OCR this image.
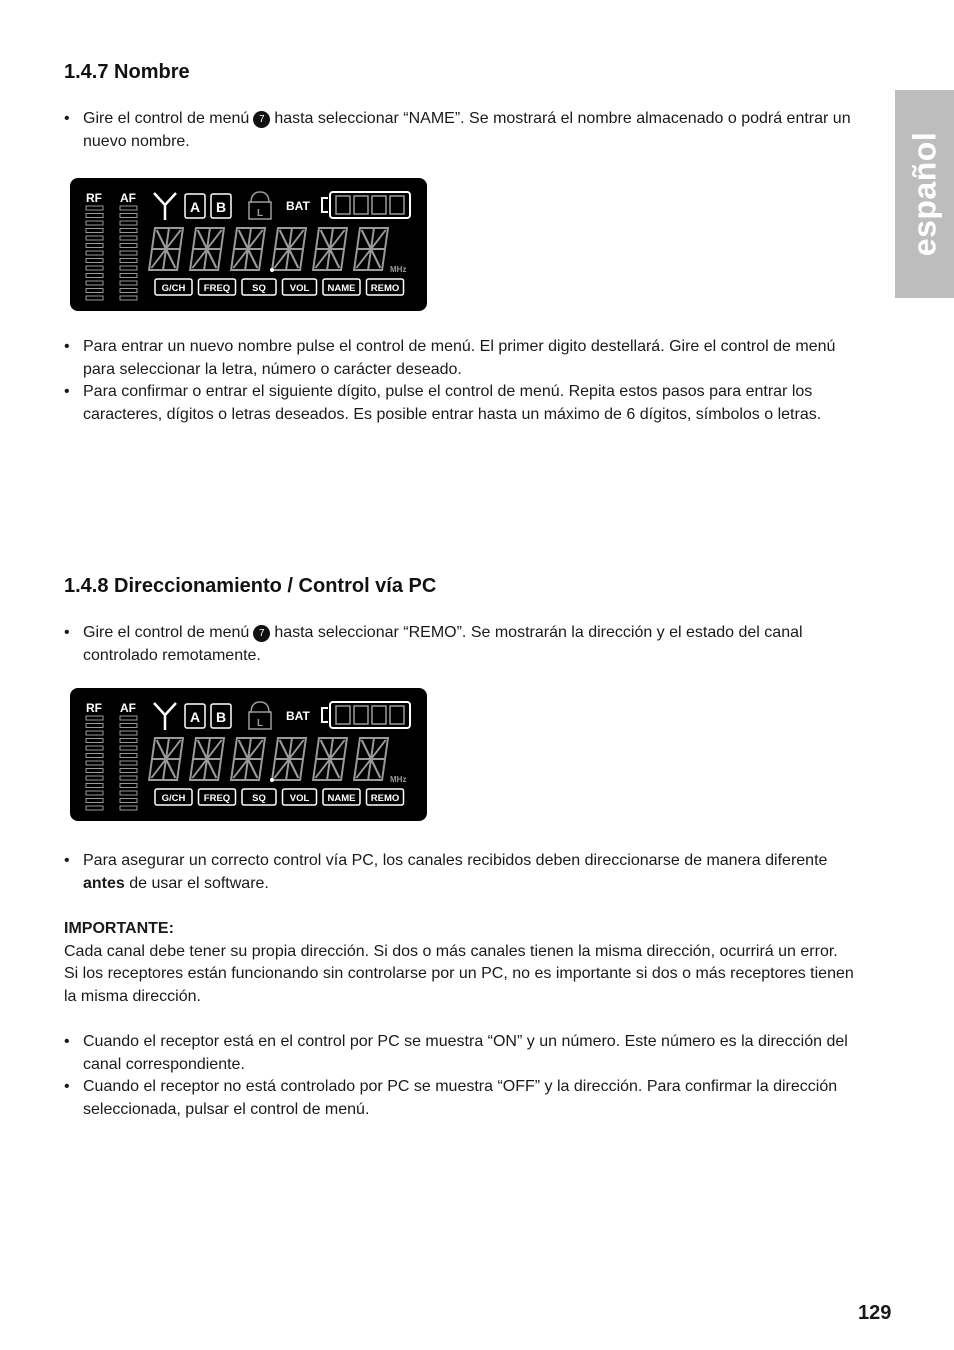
español
1.4.7 Nombre
• Gire el control de menú 7 hasta seleccionar “NAME”. Se mostrará el nombre almacenado o podrá entrar un nuevo nombre.
RF AF
A B	L
BAT
MHz
G/CH FREQ SQ	VOL NAME REMO
• Para entrar un nuevo nombre pulse el control de menú. El primer digito destellará. Gire el control de menú para seleccionar la letra, número o carácter deseado.
• Para confirmar o entrar el siguiente dígito, pulse el control de menú. Repita estos pasos para entrar los caracteres, dígitos o letras deseados. Es posible entrar hasta un máximo de 6 dígitos, símbolos o letras.
1.4.8 Direccionamiento / Control vía PC
• Gire el control de menú 7 hasta seleccionar “REMO”. Se mostrarán la dirección y el estado del canal controlado remotamente.
RF AF
A B	L
BAT
MHz
G/CH FREQ SQ	VOL NAME REMO
• Para asegurar un correcto control vía PC, los canales recibidos deben direccionarse de manera diferente antes de usar el software.
IMPORTANTE:
Cada canal debe tener su propia dirección. Si dos o más canales tienen la misma dirección, ocurrirá un error. Si los receptores están funcionando sin controlarse por un PC, no es importante si dos o más receptores tienen la misma dirección.
• Cuando el receptor está en el control por PC se muestra “ON” y un número. Este número es la dirección del canal correspondiente.
• Cuando el receptor no está controlado por PC se muestra “OFF” y la dirección. Para confirmar la dirección seleccionada, pulsar el control de menú.
129
